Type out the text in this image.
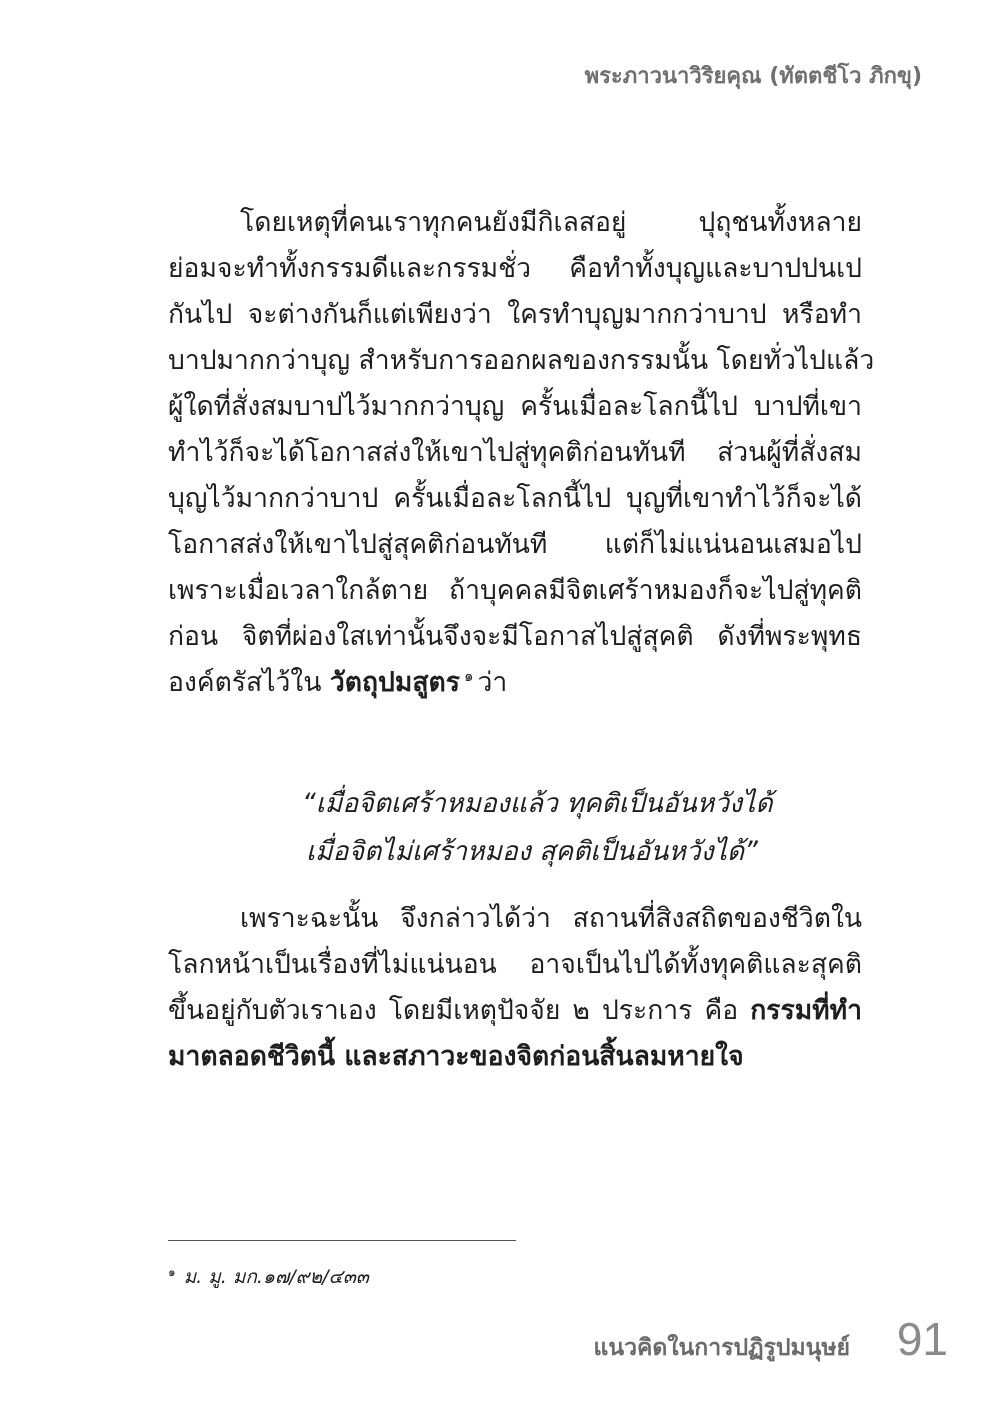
พระภาวนาวิริยคุณ (ทัตตชีโว ภิกขุ)
โดยเหตุที่คนเราทุกคนยังมีกิเลสอยู่ ปุถุชนทั้งหลาย
ย่อมจะทำทั้งกรรมดีและกรรมชั่ว คือทำทั้งบุญและบาปปนเป
กันไป จะต่างกันก็แต่เพียงว่า ใครทำบุญมากกว่าบาป หรือทำ
บาปมากกว่าบุญ สำหรับการออกผลของกรรมนั้น โดยทั่วไปแล้ว
ผู้ใดที่สั่งสมบาปไว้มากกว่าบุญ ครั้นเมื่อละโลกนี้ไป บาปที่เขา
ทำไว้ก็จะได้โอกาสส่งให้เขาไปสู่ทุคติก่อนทันที ส่วนผู้ที่สั่งสม
บุญไว้มากกว่าบาป ครั้นเมื่อละโลกนี้ไป บุญที่เขาทำไว้ก็จะได้
โอกาสส่งให้เขาไปสู่สุคติก่อนทันที แต่ก็ไม่แน่นอนเสมอไป
เพราะเมื่อเวลาใกล้ตาย ถ้าบุคคลมีจิตเศร้าหมองก็จะไปสู่ทุคติ
ก่อน จิตที่ผ่องใสเท่านั้นจึงจะมีโอกาสไปสู่สุคติ ดังที่พระพุทธ
องค์ตรัสไว้ใน วัตถุปมสูตร $^๑$ ว่า
“เมื่อจิตเศร้าหมองแล้ว ทุคติเป็นอันหวังได้
เมื่อจิตไม่เศร้าหมอง สุคติเป็นอันหวังได้”
เพราะฉะนั้น จึงกล่าวได้ว่า สถานที่สิงสถิตของชีวิตใน
โลกหน้าเป็นเรื่องที่ไม่แน่นอน อาจเป็นไปได้ทั้งทุคติและสุคติ
ขึ้นอยู่กับตัวเราเอง โดยมีเหตุปัจจัย ๒ ประการ คือ กรรมที่ทำ
มาตลอดชีวิตนี้ และสภาวะของจิตก่อนสิ้นลมหายใจ
$^๑$ ม. มู. มก.๑๗/๙๒/๔๓๓
แนวคิดในการปฏิรูปมนุษย์ 91
